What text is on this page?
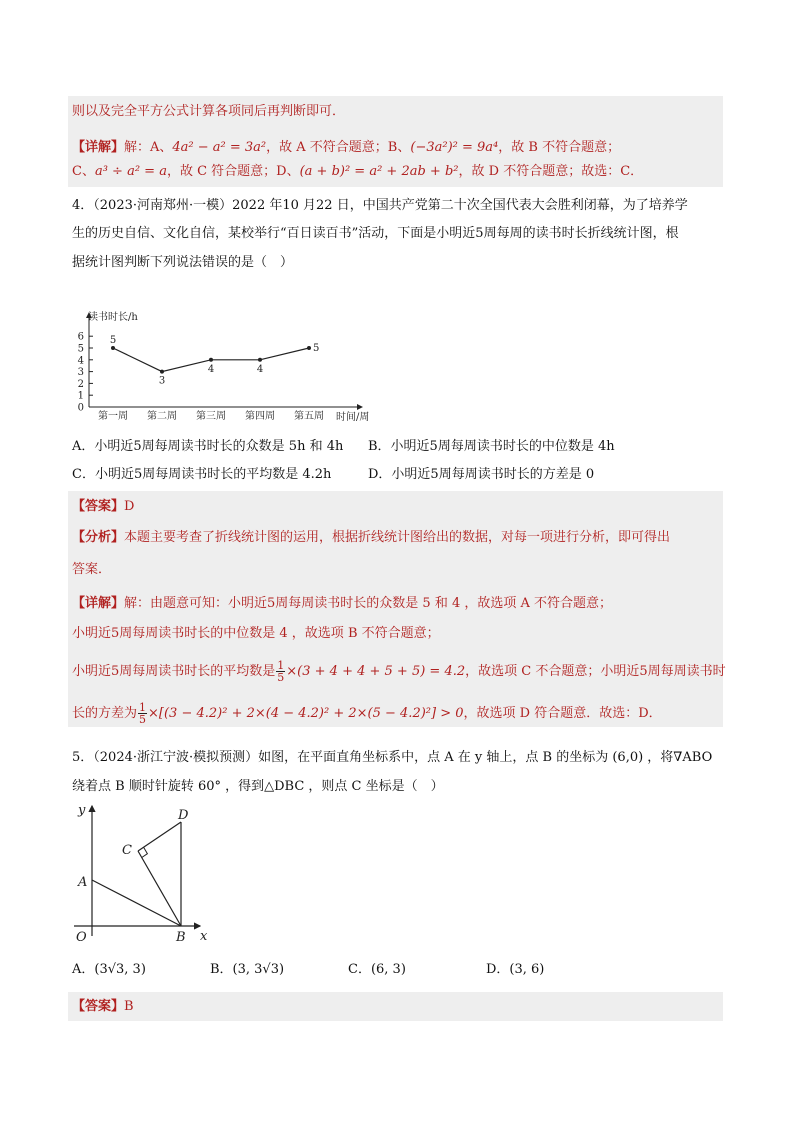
则以及完全平方公式计算各项同后再判断即可．
【详解】解：A、4a² − a² = 3a²，故 A 不符合题意；B、(−3a²)² = 9a⁴，故 B 不符合题意；
C、a³ ÷ a² = a，故 C 符合题意；D、(a + b)² = a² + 2ab + b²，故 D 不符合题意；故选：C．
4．（2023·河南郑州·一模）2022 年10 月22 日，中国共产党第二十次全国代表大会胜利闭幕，为了培养学
生的历史自信、文化自信，某校举行“百日读百书”活动，下面是小明近5周每周的读书时长折线统计图，根
据统计图判断下列说法错误的是（　）
读书时长/h
时间/周
0
1
2
3
4
5
6
第一周 第二周 第三周 第四周 第五周
5
3
4	4
5
A．小明近5周每周读书时长的众数是 5h 和 4h B．小明近5周每周读书时长的中位数是 4h
C．小明近5周每周读书时长的平均数是 4.2h	D．小明近5周每周读书时长的方差是 0
【答案】D
【分析】本题主要考查了折线统计图的运用，根据折线统计图给出的数据，对每一项进行分析，即可得出
答案．
【详解】解：由题意可知：小明近5周每周读书时长的众数是 5 和 4 ，故选项 A 不符合题意；
小明近5周每周读书时长的中位数是 4 ，故选项 B 不符合题意；
小明近5周每周读书时长的平均数是 $\frac{1}{5} \times(3 + 4 + 4 + 5 + 5) = 4.2$，故选项 C 不合题意；小明近5周每周读书时
长的方差为 $\frac{1}{5} \times[(3 - 4.2)^2 + 2\times(4 - 4.2)^2 + 2\times(5 - 4.2)^2] > 0$，故选项 D 符合题意．故选：D．
5．（2024·浙江宁波·模拟预测）如图，在平面直角坐标系中，点 A 在 y 轴上，点 B 的坐标为 (6,0) ，将∇ABO
绕着点 B 顺时针旋转 60° ，得到△DBC ，则点 C 坐标是（　）
y
x
O
A
B
C
D
A．(3√3, 3)	B．(3, 3√3)	C．(6, 3)	D．(3, 6)
【答案】B
